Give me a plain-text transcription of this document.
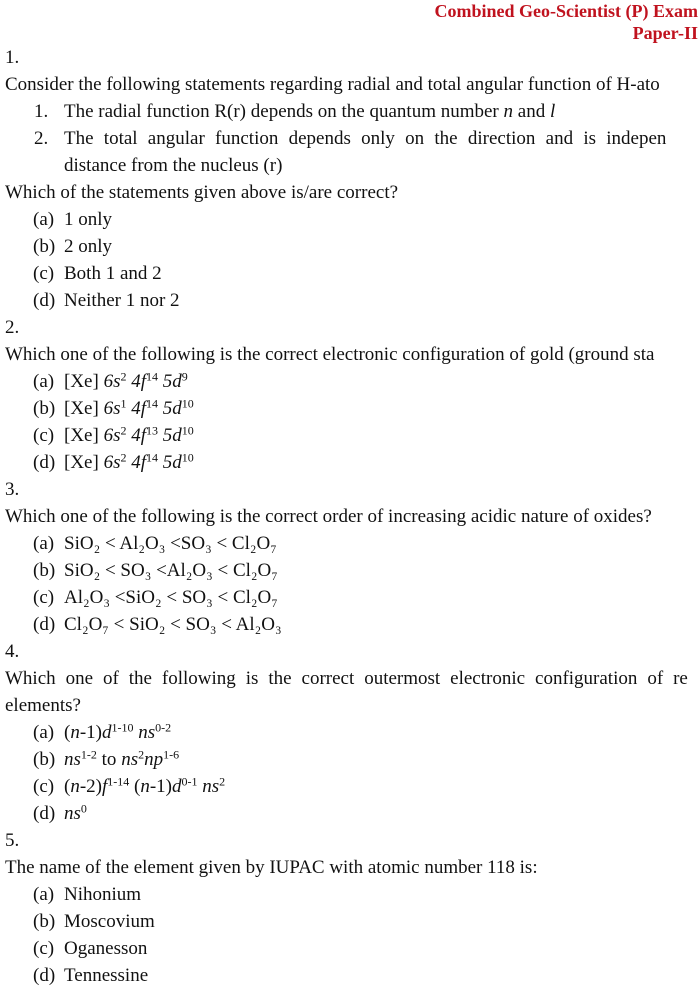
Combined Geo-Scientist (P) Exam
Paper-II
1.
Consider the following statements regarding radial and total angular function of H-ato
1. The radial function R(r) depends on the quantum number n and l
2. The total angular function depends only on the direction and is indepen
distance from the nucleus (r)
Which of the statements given above is/are correct?
(a) 1 only
(b) 2 only
(c) Both 1 and 2
(d) Neither 1 nor 2
2.
Which one of the following is the correct electronic configuration of gold (ground sta
(a) [Xe] $6s^2$ $4f^{14}$ $5d^9$
(b) [Xe] $6s^1$ $4f^{14}$ $5d^{10}$
(c) [Xe] $6s^2$ $4f^{13}$ $5d^{10}$
(d) [Xe] $6s^2$ $4f^{14}$ $5d^{10}$
3.
Which one of the following is the correct order of increasing acidic nature of oxides?
(a) SiO₂ < Al₂O₃ <SO₃ < Cl₂O₇
(b) SiO₂ < SO₃ <Al₂O₃ < Cl₂O₇
(c) Al₂O₃ <SiO₂ < SO₃ < Cl₂O₇
(d) Cl₂O₇ < SiO₂ < SO₃ < Al₂O₃
4.
Which one of the following is the correct outermost electronic configuration of re
elements?
(a) $(n-1)d^{1-10}$ $ns^{0-2}$
(b) $ns^{1-2}$ to $ns^2np^{1-6}$
(c) $(n-2)f^{1-14}$ $(n-1)d^{0-1}$ $ns^2$
(d) $ns^0$
5.
The name of the element given by IUPAC with atomic number 118 is:
(a) Nihonium
(b) Moscovium
(c) Oganesson
(d) Tennessine
